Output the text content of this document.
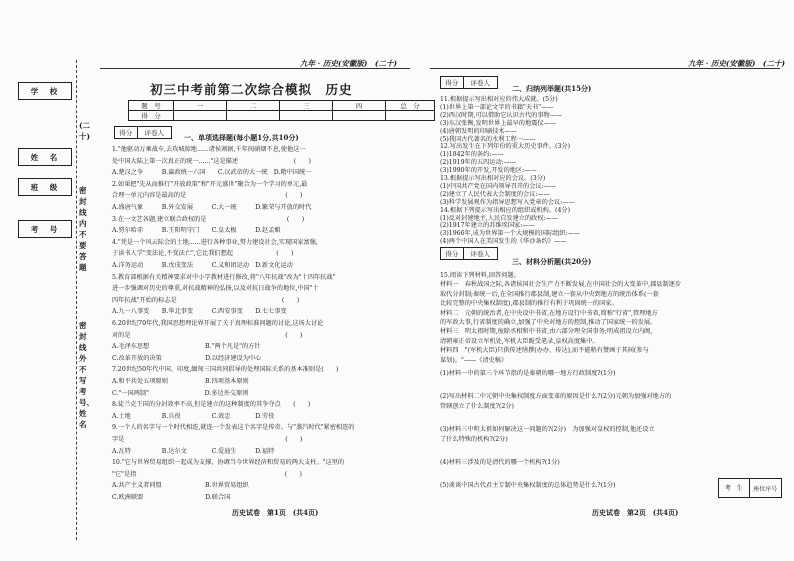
学　校
姓　名
班　级
考　号
(二十)
密封线内不要答题
密封线外不写考号、姓名
九年 · 历史(安徽版)　(二十)	九年 · 历史(安徽版)　(二十)
初三中考前第二次综合模拟　历史
题　号	一	二	三	四	总　分
得　分					
得分	评卷人	一、单项选择题(每小题1分,共10分)
1."他驱动万乘战车,去攻城掠地......诸侯割据,千年间硝烟不息,使他这一
处中国大陆上第一次真正的统一......"这是描述　　　　　　　　　(　　)
A.楚汉之争　　　B.赢政统一六国　　C.汉武帝的大一统　D.隋中国统一
2.如果把"先从而推行"开放政策"和"开元盛世"聚合为一个学习的单元,最
合理一单元内容是最高的是　　　　　　　　　　　　　　　　(　　)
A.盛唐气象　　　B.外交发展　　　C.大一统　　　D.繁荣与开放的时代
3.在一文艺各题,建立联合政权的是　　　　　　　　　　　　　(　　)
A.努尔哈赤　　　B.王阳明守门　　C.皇太极　　　D.赵孟頫
4."凭是一个风云际会的土地......进行各种事业,努力建设社会,实现国家富强,
于读书人学"变法论,不变法亡",它比我们想起　　　　　　　(　　)
A.洋务运动　　　B.戊戌变法　　　C.义和团运动　D.新文化运动
5.教育部根据有关精神要求对中小学教材进行修改,将"八年抗战"改为"十四年抗战"
进一步强调对历史的尊重,对抗战精神的弘扬,以及对抗日战争的地位,中国"十
四年抗战"开始的标志是　　　　　　　　　　　　　　　　　(　　)
A.九一八事变　　B.华北事变　　　C.西安事变　　D.七七事变
6.20世纪70年代,我国思想理论界开展了关于真理标准问题的讨论,这场大讨论
对的是　　　　　　　　　　　　　　　　　　　　　　　　　(　　)
A.毛泽东思想　　　　　　　　　B."两个凡是"的方针
C.改革开放的决策　　　　　　　D.以经济建设为中心
7.20世纪50年代中国、印度,缅甸三国共同倡导的处理国际关系的基本准则是(　　)
A.和平共处五项原则　　　　　　B.四项基本原则
C."一国两制"　　　　　　　　　D.多边外交原则
8.徒兰克王国的分封效率不高,但是建立的这种制度的其争夺点　　(　　)
A.土地　　　　　B.兵役　　　　　C.效忠　　　　D.劳役
9.一个人的名字与一个时代相连,就连一个发表这个名字是传奇。与"蒸汽时代"紧密相连的
字是　　　　　　　　　　　　　　　　　　　　　　　　　　(　　)
A.瓦特　　　　　B.达尔文　　　　C.爱迪生　　　D.福特
10."它与世界贸易组织一起成为支撑、协调当今世界经济和贸易的两大支柱。"这里的
"它"是指　　　　　　　　　　　　　　　　　　　　　　　　(　　)
A.共产主义者同盟　　　　　　　B.世界贸易组织
C.欧洲联盟　　　　　　　　　　D.联合国
历史试卷　第1页　(共4页)
得分	评卷人
二、归纳列举题(共15分)
11.根据提示写出相对应的伟大成就。(5分)
(1)世界上第一部论文字的书籍"天书"——
(2)西汉时期,可以借助它认识古代的事物——
(3)东汉张衡,发明世界上最早的地震仪——
(4)唐朝发明的印刷技术——
(5)我国古代著名的水利工程一——
12.写出发生在下列年份的重大历史事件。(3分)
(1)1842年的条约:——
(2)1919年的五四运动:——
(3)1990年的开发,开发的地区:——
13.根据提示写出相对应的会议。(3分)
(1)中国共产党在国内领导召开的会议:——
(2)建立了人民代表大会制度的会议:——
(3)科学发展观作为指导思想写入党章的会议:——
14.根据下列提示写出相应的组织或机构。(4分)
(1)反对封建地主,人民自发建立的政权:——
(2)1917年建立的苏维埃国家:——
(3)1966年,成为世界第一个大规模的国际组织:——
(4)两个中国人在美国发生的《华沙条约》——
得分	评卷人
三、材料分析题(共20分)
15.阅读下列材料,回答问题。
材料一　春秋战国之际,各诸侯国社会生产力不断发展,在中国社会的大变革中,郡县制逐步
取代分封制;秦统一后,在全国推行郡县制,建立一套从中央到地方的统治体系(一套
比较完整的中央集权制度),郡县制的推行有利于巩固统一的国家。
材料二　元朝的统治者,在中央设中书省,在地方设行中书省,简称"行省",管理地方
的军政大事,行省制度的确立,加强了中央对地方的控制,推动了国家统一的发展。
材料三　明太祖时期,废除丞相和中书省,由六部分理全国事务;明成祖设立内阁,
清朝雍正帝设立军机处,军机大臣跪受笔录,皇权高度集中。
材料四　"(军机大臣)只供传述缮撰(办办、传达),而不能稍有赞画于其间(参与
谋划)。"——《清史稿》
(1)材料一中的第三个环节指的是秦朝的哪一地方行政制度?(1分)
(2)写出材料二中元朝中央集权制度方面变革的原因是什么?(2分)元朝为加强对地方的
管辖创立了什么制度?(2分)
(3)材料三中明太祖如何解决这一问题的?(2分)　为加强对皇权的控制,他还设立
了什么特殊的机构?(2分)
(4)材料三涉及的是清代的哪一个机构?(1分)
(5)谈谈中国古代君主专制中央集权制度的总体趋势是什么?(1分)	考　生 座位序号
历史试卷　第2页　(共4页)
